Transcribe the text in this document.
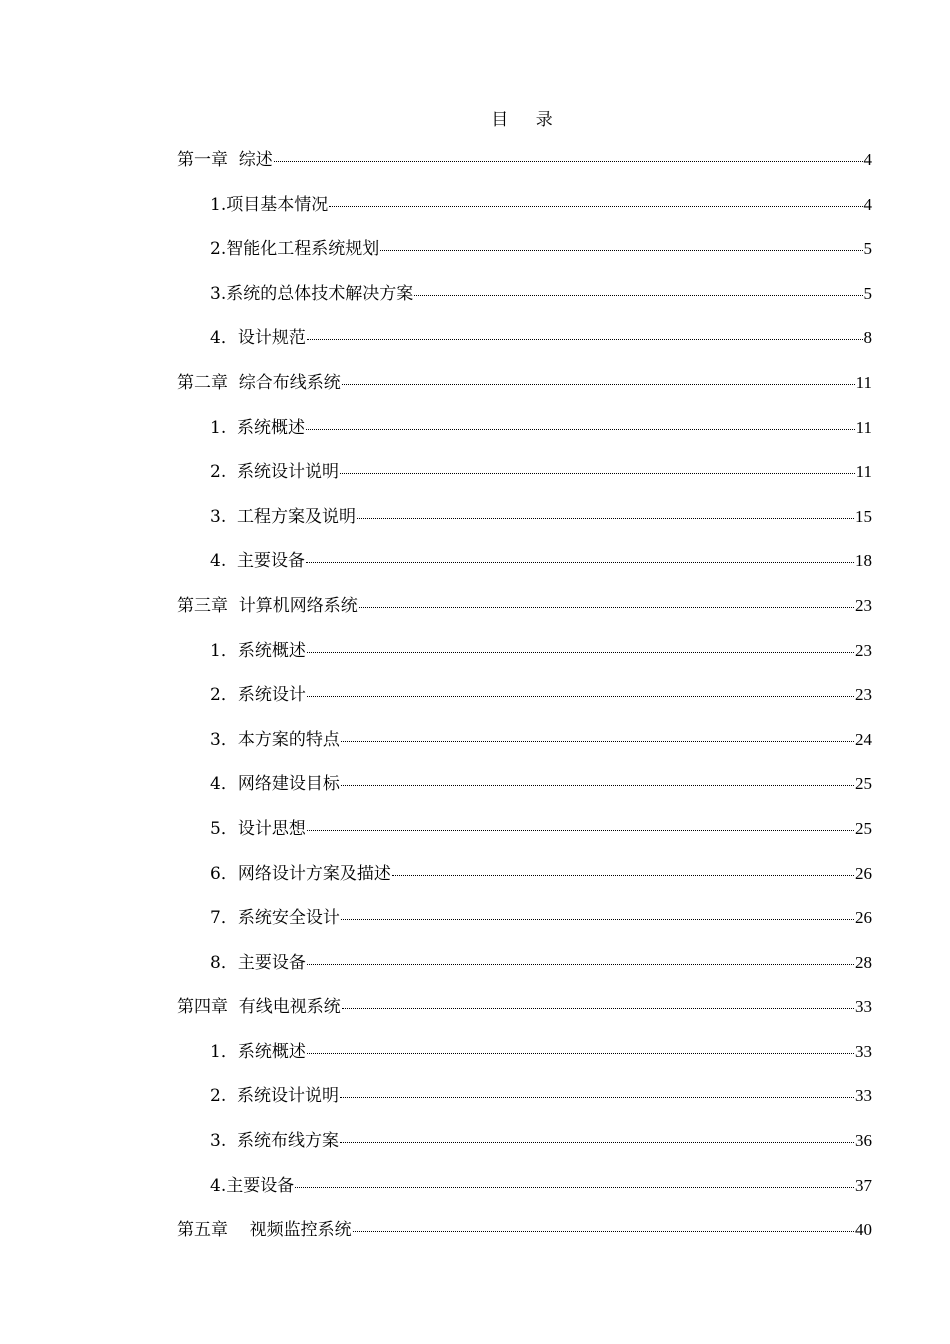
目 录
第一章  综述	4
1.项目基本情况	4
2.智能化工程系统规划	5
3.系统的总体技术解决方案	5
4．设计规范	8
第二章  综合布线系统	11
1.  系统概述	11
2.  系统设计说明	11
3.  工程方案及说明	15
4.  主要设备	18
第三章  计算机网络系统	23
1．系统概述	23
2．系统设计	23
3．本方案的特点	24
4．网络建设目标	25
5．设计思想	25
6．网络设计方案及描述	26
7．系统安全设计	26
8．主要设备	28
第四章  有线电视系统	33
1．系统概述	33
2.  系统设计说明	33
3.  系统布线方案	36
4.主要设备	37
第五章    视频监控系统	40
